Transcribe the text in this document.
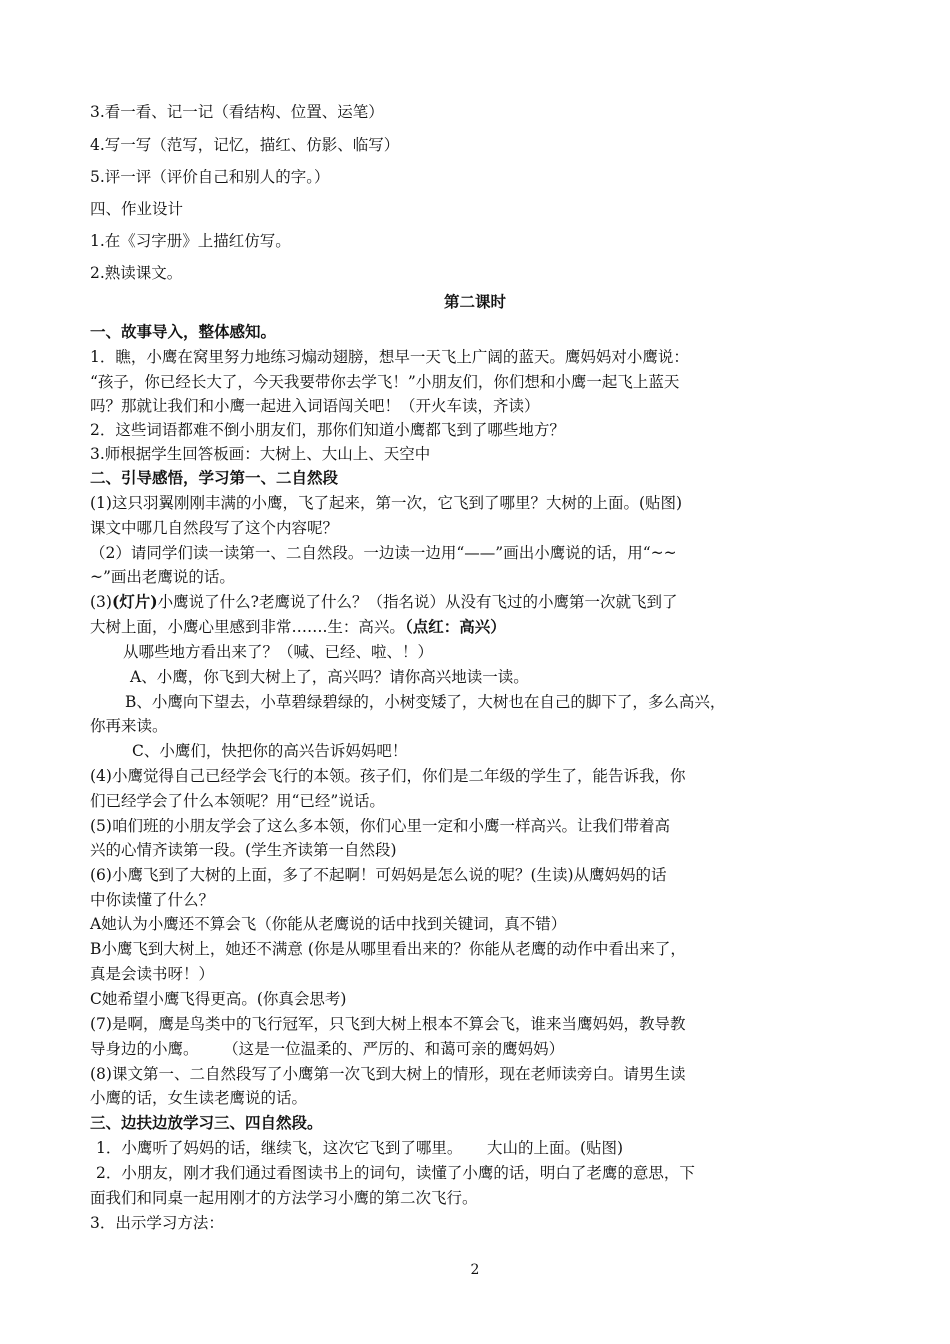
3.看一看、记一记（看结构、位置、运笔）
4.写一写（范写，记忆，描红、仿影、临写）
5.评一评（评价自己和别人的字。）
四、作业设计
1.在《习字册》上描红仿写。
2.熟读课文。
第二课时
一、故事导入，整体感知。
1．瞧，小鹰在窝里努力地练习煽动翅膀，想早一天飞上广阔的蓝天。鹰妈妈对小鹰说：
“孩子，你已经长大了，今天我要带你去学飞！”小朋友们，你们想和小鹰一起飞上蓝天
吗？那就让我们和小鹰一起进入词语闯关吧！（开火车读，齐读）
2．这些词语都难不倒小朋友们，那你们知道小鹰都飞到了哪些地方？
3.师根据学生回答板画：大树上、大山上、天空中
二、引导感悟，学习第一、二自然段
(1)这只羽翼刚刚丰满的小鹰，飞了起来，第一次，它飞到了哪里？大树的上面。(贴图)
课文中哪几自然段写了这个内容呢？
（2）请同学们读一读第一、二自然段。一边读一边用“——”画出小鹰说的话，用“~~
~”画出老鹰说的话。
(3)(灯片)小鹰说了什么?老鹰说了什么？（指名说）从没有飞过的小鹰第一次就飞到了
大树上面，小鹰心里感到非常…….生：高兴。（点红：高兴）
从哪些地方看出来了？（喊、已经、啦、！）
A、小鹰，你飞到大树上了，高兴吗？请你高兴地读一读。
B、小鹰向下望去，小草碧绿碧绿的，小树变矮了，大树也在自己的脚下了，多么高兴，
你再来读。
C、小鹰们，快把你的高兴告诉妈妈吧！
(4)小鹰觉得自己已经学会飞行的本领。孩子们，你们是二年级的学生了，能告诉我，你
们已经学会了什么本领呢？用“已经”说话。
(5)咱们班的小朋友学会了这么多本领，你们心里一定和小鹰一样高兴。让我们带着高
兴的心情齐读第一段。(学生齐读第一自然段)
(6)小鹰飞到了大树的上面，多了不起啊！可妈妈是怎么说的呢？(生读)从鹰妈妈的话
中你读懂了什么？
A她认为小鹰还不算会飞（你能从老鹰说的话中找到关键词，真不错）
B小鹰飞到大树上，她还不满意 (你是从哪里看出来的？你能从老鹰的动作中看出来了，
真是会读书呀！）
C她希望小鹰飞得更高。(你真会思考)
(7)是啊，鹰是鸟类中的飞行冠军，只飞到大树上根本不算会飞，谁来当鹰妈妈，教导教
导身边的小鹰。     （这是一位温柔的、严厉的、和蔼可亲的鹰妈妈）
(8)课文第一、二自然段写了小鹰第一次飞到大树上的情形，现在老师读旁白。请男生读
小鹰的话，女生读老鹰说的话。
三、边扶边放学习三、四自然段。
1．小鹰听了妈妈的话，继续飞，这次它飞到了哪里。     大山的上面。(贴图)
2．小朋友，刚才我们通过看图读书上的词句，读懂了小鹰的话，明白了老鹰的意思，下
面我们和同桌一起用刚才的方法学习小鹰的第二次飞行。
3．出示学习方法：
2
